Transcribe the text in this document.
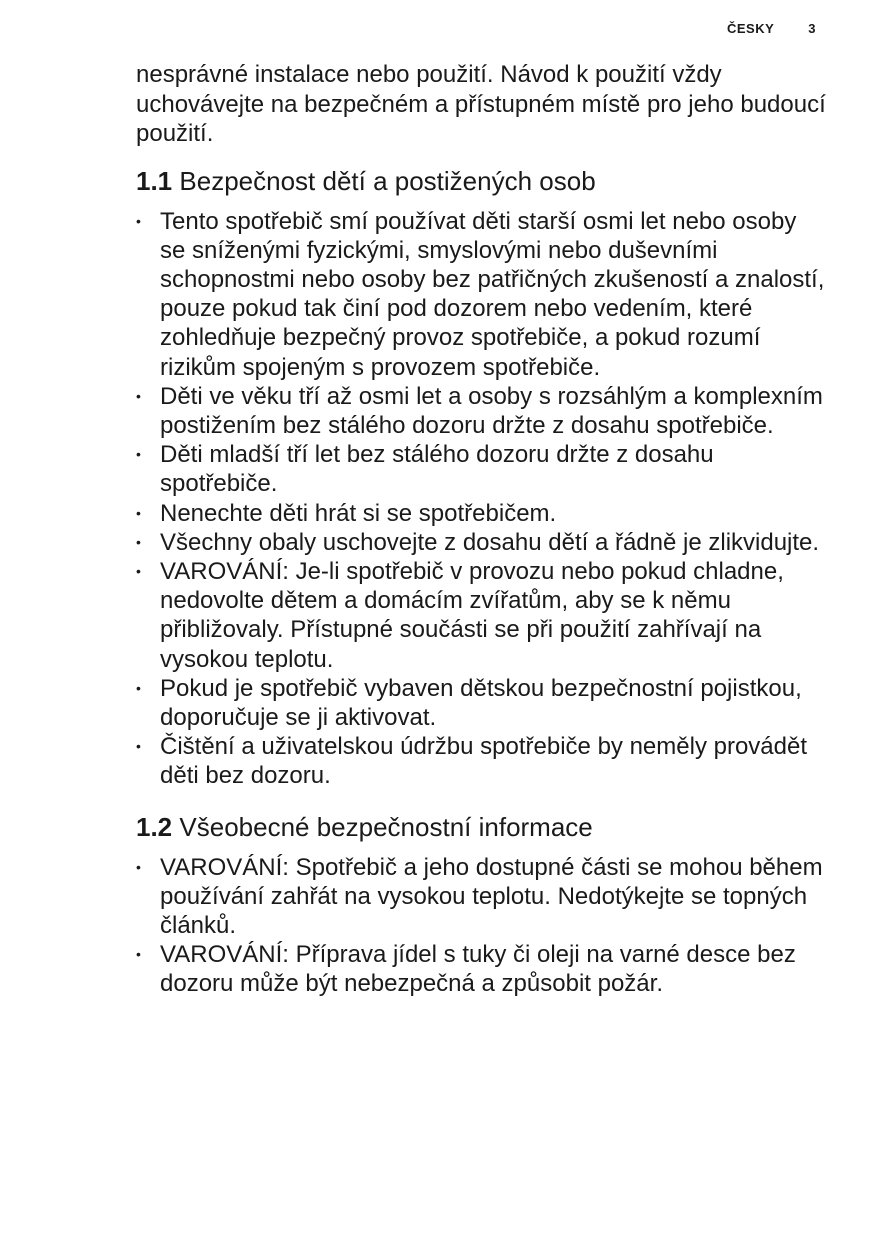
ČESKY	3

nesprávné instalace nebo použití. Návod k použití vždy uchovávejte na bezpečném a přístupném místě pro jeho budoucí použití.

1.1 Bezpečnost dětí a postižených osob
• Tento spotřebič smí používat děti starší osmi let nebo osoby se sníženými fyzickými, smyslovými nebo duševními schopnostmi nebo osoby bez patřičných zkušeností a znalostí, pouze pokud tak činí pod dozorem nebo vedením, které zohledňuje bezpečný provoz spotřebiče, a pokud rozumí rizikům spojeným s provozem spotřebiče.
• Děti ve věku tří až osmi let a osoby s rozsáhlým a komplexním postižením bez stálého dozoru držte z dosahu spotřebiče.
• Děti mladší tří let bez stálého dozoru držte z dosahu spotřebiče.
• Nenechte děti hrát si se spotřebičem.
• Všechny obaly uschovejte z dosahu dětí a řádně je zlikvidujte.
• VAROVÁNÍ: Je-li spotřebič v provozu nebo pokud chladne, nedovolte dětem a domácím zvířatům, aby se k němu přibližovaly. Přístupné součásti se při použití zahřívají na vysokou teplotu.
• Pokud je spotřebič vybaven dětskou bezpečnostní pojistkou, doporučuje se ji aktivovat.
• Čištění a uživatelskou údržbu spotřebiče by neměly provádět děti bez dozoru.
1.2 Všeobecné bezpečnostní informace
• VAROVÁNÍ: Spotřebič a jeho dostupné části se mohou během používání zahřát na vysokou teplotu. Nedotýkejte se topných článků.
• VAROVÁNÍ: Příprava jídel s tuky či oleji na varné desce bez dozoru může být nebezpečná a způsobit požár.
